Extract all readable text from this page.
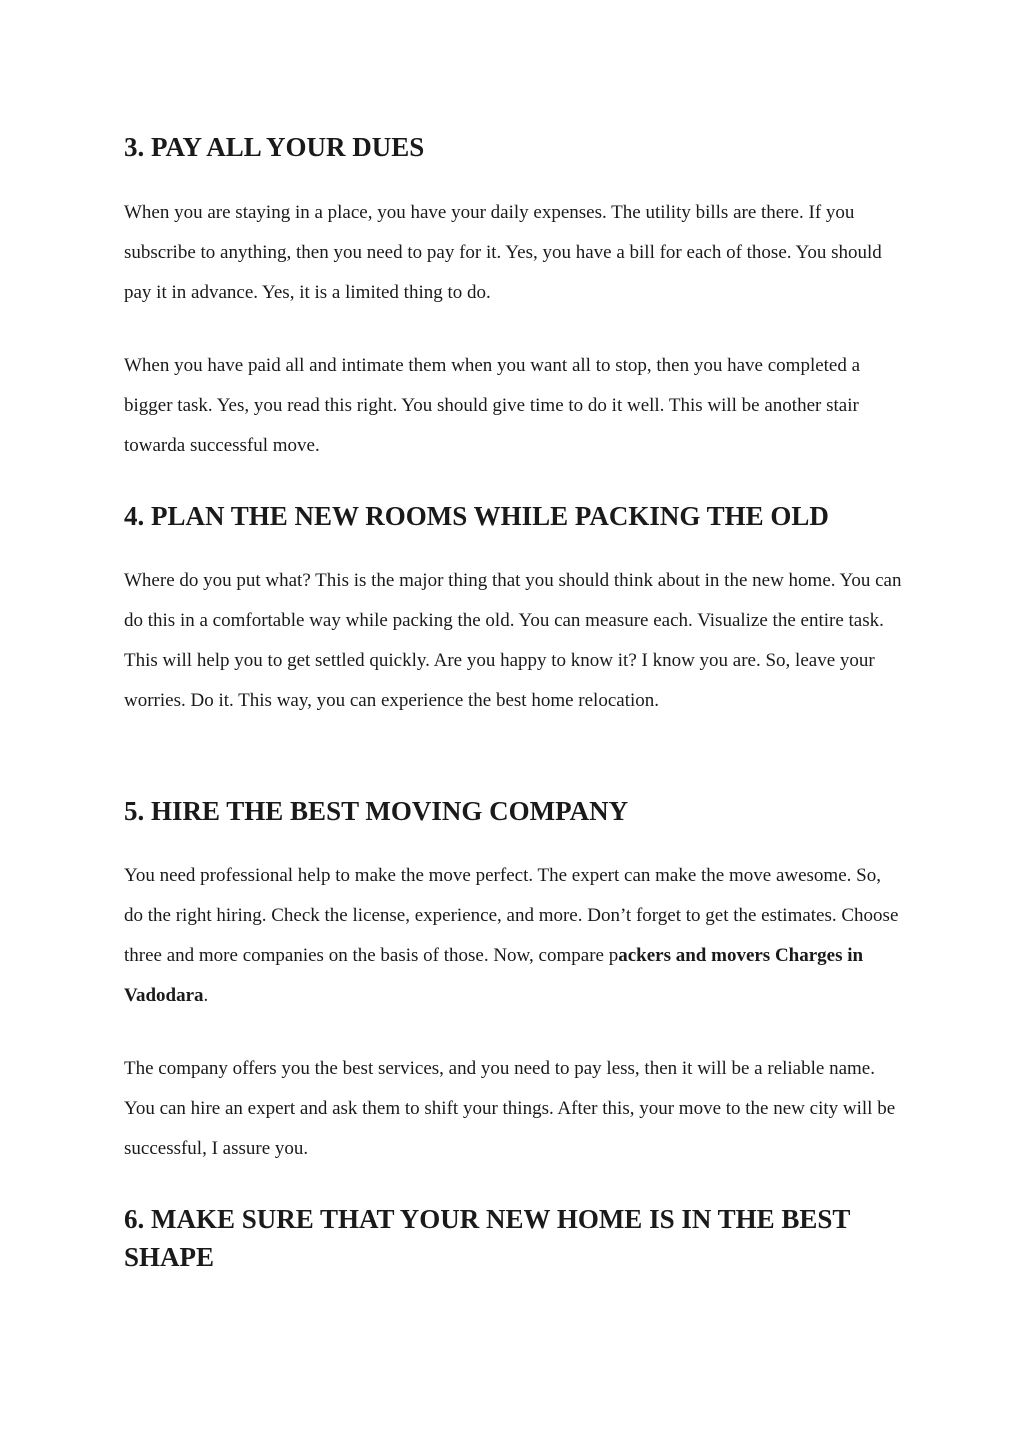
3. PAY ALL YOUR DUES

When you are staying in a place, you have your daily expenses. The utility bills are there. If you subscribe to anything, then you need to pay for it. Yes, you have a bill for each of those. You should pay it in advance. Yes, it is a limited thing to do.

When you have paid all and intimate them when you want all to stop, then you have completed a bigger task. Yes, you read this right. You should give time to do it well. This will be another stair towarda successful move.

4. PLAN THE NEW ROOMS WHILE PACKING THE OLD

Where do you put what? This is the major thing that you should think about in the new home. You can do this in a comfortable way while packing the old. You can measure each. Visualize the entire task. This will help you to get settled quickly. Are you happy to know it? I know you are. So, leave your worries. Do it. This way, you can experience the best home relocation.

5. HIRE THE BEST MOVING COMPANY

You need professional help to make the move perfect. The expert can make the move awesome. So, do the right hiring. Check the license, experience, and more. Don’t forget to get the estimates. Choose three and more companies on the basis of those. Now, compare packers and movers Charges in Vadodara.

The company offers you the best services, and you need to pay less, then it will be a reliable name. You can hire an expert and ask them to shift your things. After this, your move to the new city will be successful, I assure you.

6. MAKE SURE THAT YOUR NEW HOME IS IN THE BEST SHAPE
